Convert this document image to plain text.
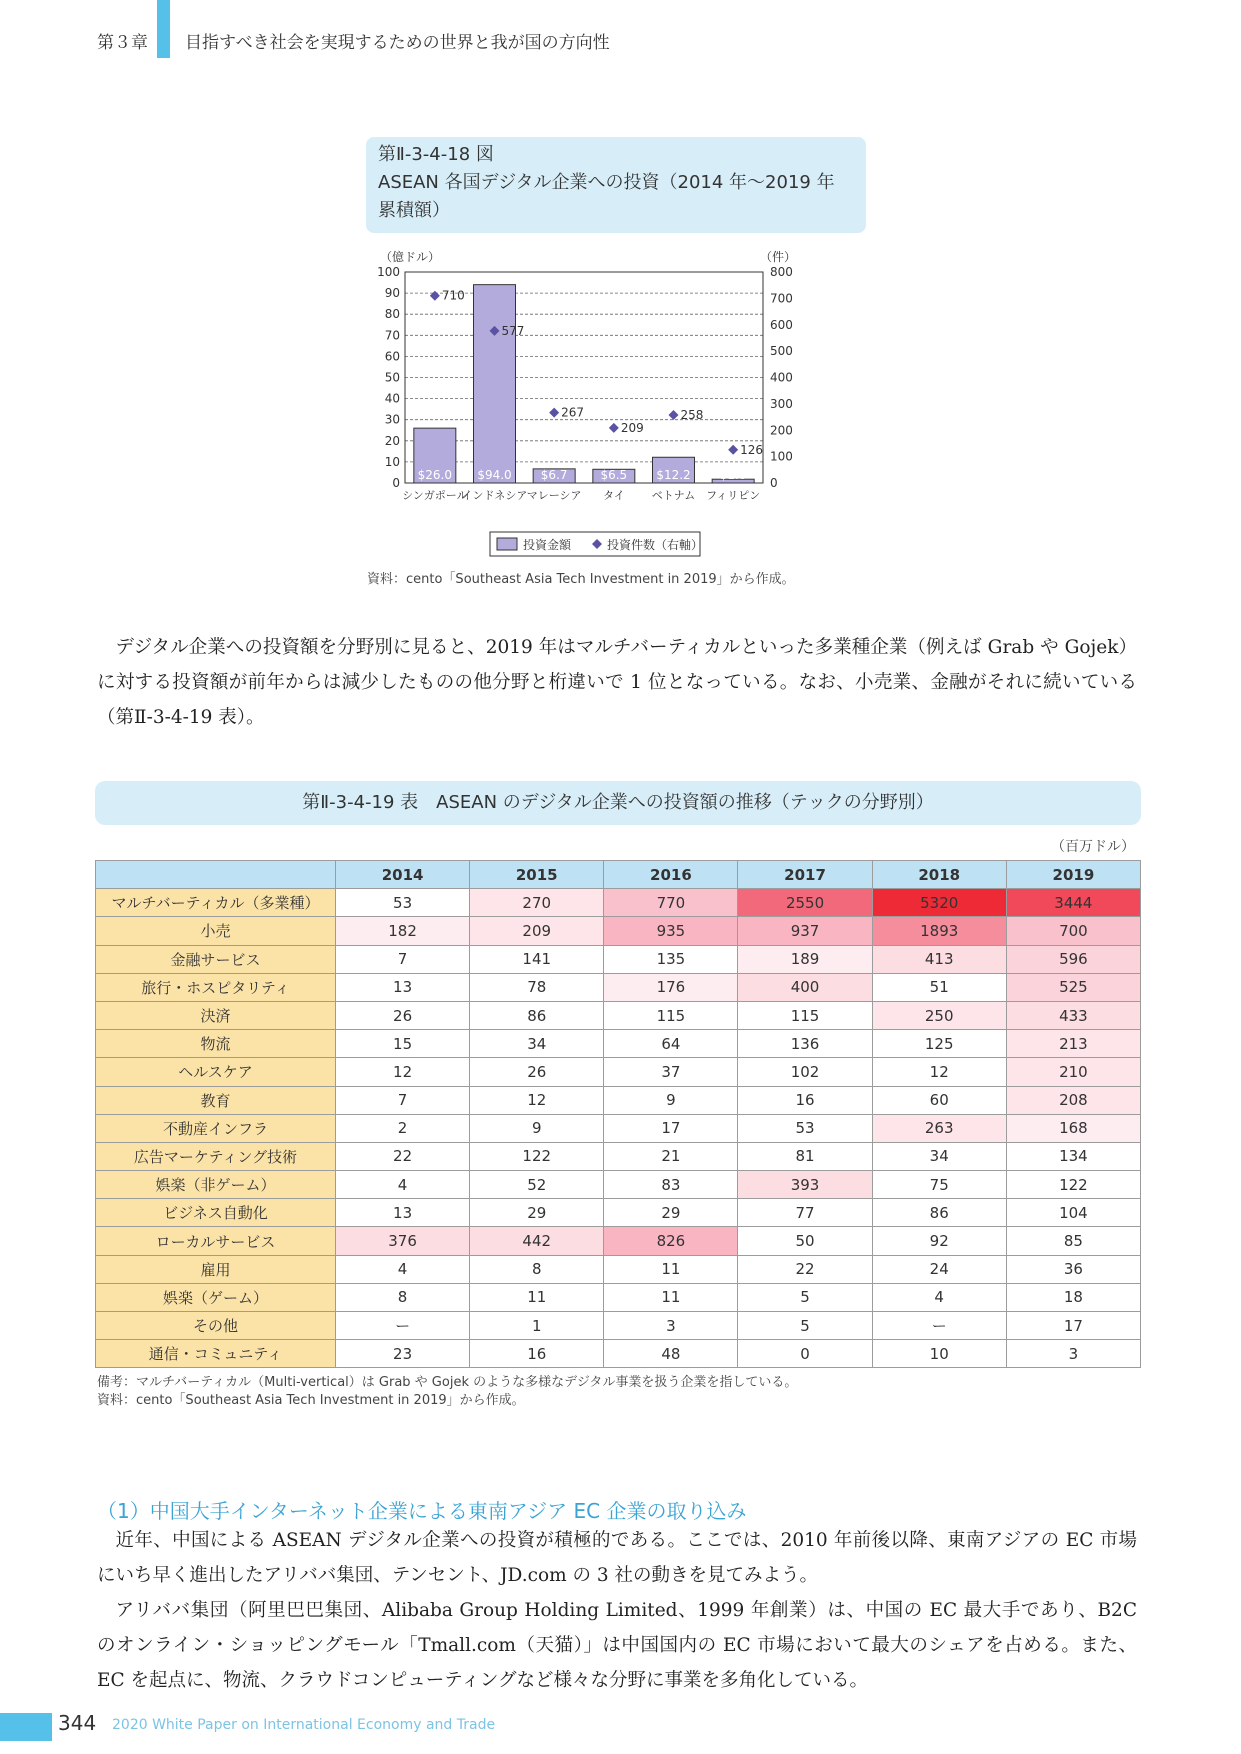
第３章 目指すべき社会を実現するための世界と我が国の方向性
第Ⅱ-3-4-18 図
ASEAN 各国デジタル企業への投資（2014 年〜2019 年
累積額）
（億ドル）	（件）
0
10
20
30
40
50
60
70
80
90
100
0
100
200
300
400
500
600
700
800
$26.0
シンガポール
$94.0
インドネシア
$6.7
マレーシア
$6.5
タイ
$12.2
ベトナム
$1.8
フィリピン
710
577
267
209
258
126
投資金額	投資件数（右軸）
資料：cento「Southeast Asia Tech Investment in 2019」から作成。

デジタル企業への投資額を分野別に見ると、2019 年はマルチバーティカルといった多業種企業（例えば Grab や Gojek）に対する投資額が前年からは減少したものの他分野と桁違いで 1 位となっている。なお、小売業、金融がそれに続いている（第Ⅱ-3-4-19 表）。

第Ⅱ-3-4-19 表　ASEAN のデジタル企業への投資額の推移（テックの分野別）
（百万ドル）
	2014	2015	2016	2017	2018	2019
マルチバーティカル（多業種）	53	270	770	2550	5320	3444
小売	182	209	935	937	1893	700
金融サービス	7	141	135	189	413	596
旅行・ホスピタリティ	13	78	176	400	51	525
決済	26	86	115	115	250	433
物流	15	34	64	136	125	213
ヘルスケア	12	26	37	102	12	210
教育	7	12	9	16	60	208
不動産インフラ	2	9	17	53	263	168
広告マーケティング技術	22	122	21	81	34	134
娯楽（非ゲーム）	4	52	83	393	75	122
ビジネス自動化	13	29	29	77	86	104
ローカルサービス	376	442	826	50	92	85
雇用	4	8	11	22	24	36
娯楽（ゲーム）	8	11	11	5	4	18
その他	ー	1	3	5	ー	17
通信・コミュニティ	23	16	48	0	10	3
備考：マルチバーティカル（Multi-vertical）は Grab や Gojek のような多様なデジタル事業を扱う企業を指している。
資料：cento「Southeast Asia Tech Investment in 2019」から作成。
（1）中国大手インターネット企業による東南アジア EC 企業の取り込み

近年、中国による ASEAN デジタル企業への投資が積極的である。ここでは、2010 年前後以降、東南アジアの EC 市場にいち早く進出したアリババ集団、テンセント、JD.com の 3 社の動きを見てみよう。

アリババ集団（阿里巴巴集団、Alibaba Group Holding Limited、1999 年創業）は、中国の EC 最大手であり、B2C のオンライン・ショッピングモール「Tmall.com（天猫）」は中国国内の EC 市場において最大のシェアを占める。また、EC を起点に、物流、クラウドコンピューティングなど様々な分野に事業を多角化している。

344 2020 White Paper on International Economy and Trade
